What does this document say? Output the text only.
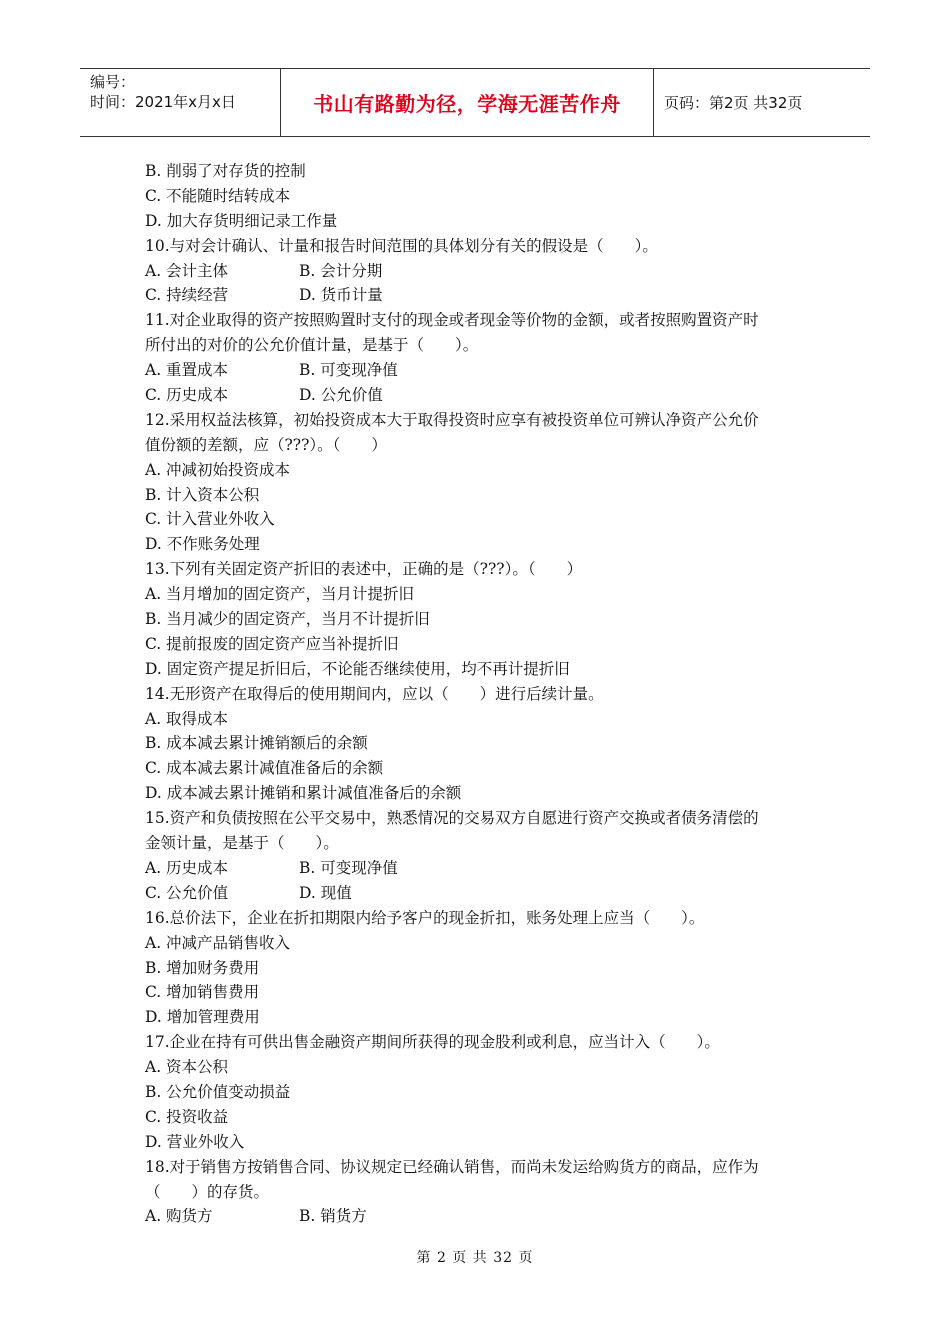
编号：
时间：2021年x月x日	书山有路勤为径，学海无涯苦作舟	页码：第2页 共32页
B. 削弱了对存货的控制
C. 不能随时结转成本
D. 加大存货明细记录工作量
10.与对会计确认、计量和报告时间范围的具体划分有关的假设是（　　）。
A. 会计主体	B. 会计分期
C. 持续经营	D. 货币计量
11.对企业取得的资产按照购置时支付的现金或者现金等价物的金额，或者按照购置资产时
所付出的对价的公允价值计量，是基于（　　）。
A. 重置成本	B. 可变现净值
C. 历史成本	D. 公允价值
12.采用权益法核算，初始投资成本大于取得投资时应享有被投资单位可辨认净资产公允价
值份额的差额，应（???）。（　　）
A. 冲减初始投资成本
B. 计入资本公积
C. 计入营业外收入
D. 不作账务处理
13.下列有关固定资产折旧的表述中，正确的是（???）。（　　）
A. 当月增加的固定资产，当月计提折旧
B. 当月减少的固定资产，当月不计提折旧
C. 提前报废的固定资产应当补提折旧
D. 固定资产提足折旧后，不论能否继续使用，均不再计提折旧
14.无形资产在取得后的使用期间内，应以（　　）进行后续计量。
A. 取得成本
B. 成本减去累计摊销额后的余额
C. 成本减去累计减值准备后的余额
D. 成本减去累计摊销和累计减值准备后的余额
15.资产和负债按照在公平交易中，熟悉情况的交易双方自愿进行资产交换或者债务清偿的
金领计量，是基于（　　）。
A. 历史成本	B. 可变现净值
C. 公允价值	D. 现值
16.总价法下，企业在折扣期限内给予客户的现金折扣，账务处理上应当（　　）。
A. 冲减产品销售收入
B. 增加财务费用
C. 增加销售费用
D. 增加管理费用
17.企业在持有可供出售金融资产期间所获得的现金股利或利息，应当计入（　　）。
A. 资本公积
B. 公允价值变动损益
C. 投资收益
D. 营业外收入
18.对于销售方按销售合同、协议规定已经确认销售，而尚未发运给购货方的商品，应作为
（　　）的存货。
A. 购货方	B. 销货方
第 2 页 共 32 页
